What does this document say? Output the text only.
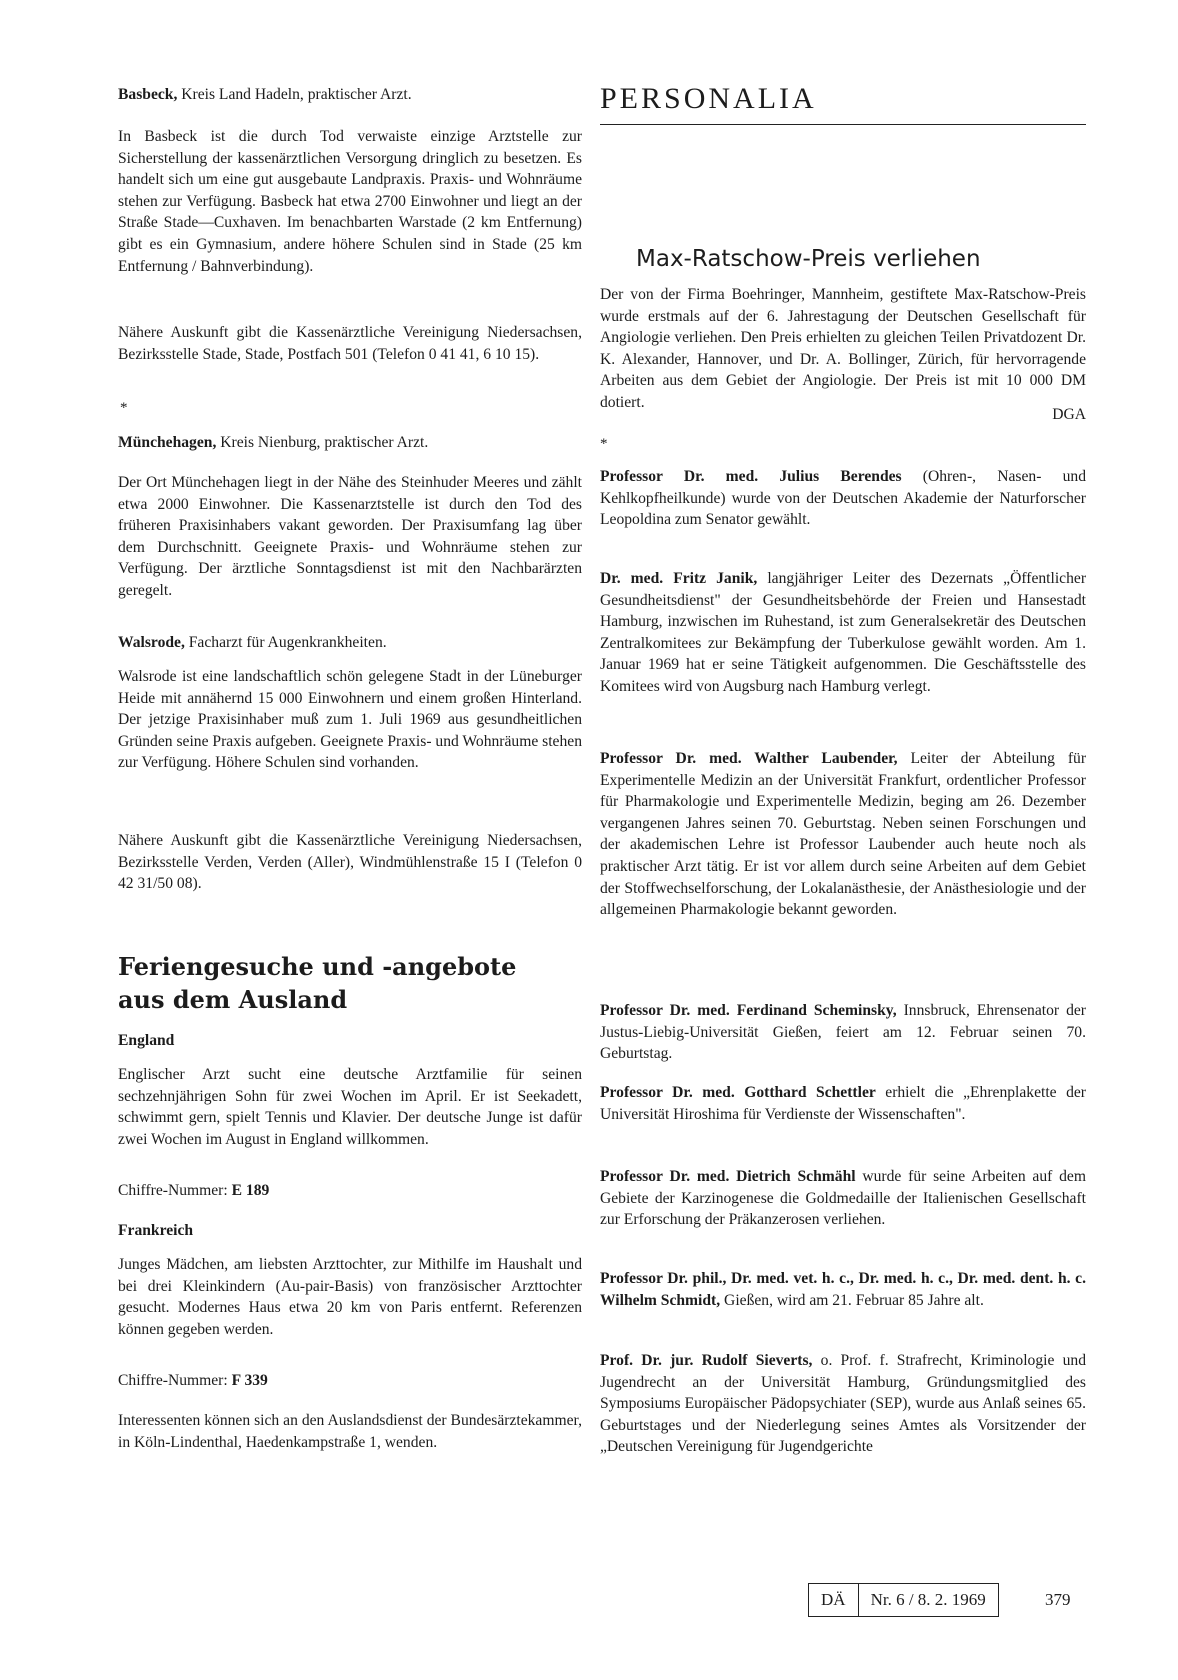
Basbeck, Kreis Land Hadeln, praktischer Arzt.

In Basbeck ist die durch Tod verwaiste einzige Arztstelle zur Sicherstellung der kassenärztlichen Versorgung dringlich zu besetzen. Es handelt sich um eine gut ausgebaute Landpraxis. Praxis- und Wohnräume stehen zur Verfügung. Basbeck hat etwa 2700 Einwohner und liegt an der Straße Stade—Cuxhaven. Im benachbarten Warstade (2 km Entfernung) gibt es ein Gymnasium, andere höhere Schulen sind in Stade (25 km Entfernung / Bahnverbindung).

Nähere Auskunft gibt die Kassenärztliche Vereinigung Niedersachsen, Bezirksstelle Stade, Stade, Postfach 501 (Telefon 0 41 41, 6 10 15).

*

Münchehagen, Kreis Nienburg, praktischer Arzt.

Der Ort Münchehagen liegt in der Nähe des Steinhuder Meeres und zählt etwa 2000 Einwohner. Die Kassenarztstelle ist durch den Tod des früheren Praxisinhabers vakant geworden. Der Praxisumfang lag über dem Durchschnitt. Geeignete Praxis- und Wohnräume stehen zur Verfügung. Der ärztliche Sonntagsdienst ist mit den Nachbarärzten geregelt.

Walsrode, Facharzt für Augenkrankheiten.

Walsrode ist eine landschaftlich schön gelegene Stadt in der Lüneburger Heide mit annähernd 15 000 Einwohnern und einem großen Hinterland. Der jetzige Praxisinhaber muß zum 1. Juli 1969 aus gesundheitlichen Gründen seine Praxis aufgeben. Geeignete Praxis- und Wohnräume stehen zur Verfügung. Höhere Schulen sind vorhanden.

Nähere Auskunft gibt die Kassenärztliche Vereinigung Niedersachsen, Bezirksstelle Verden, Verden (Aller), Windmühlenstraße 15 I (Telefon 0 42 31/50 08).

Feriengesuche und -angebote
aus dem Ausland

England

Englischer Arzt sucht eine deutsche Arztfamilie für seinen sechzehnjährigen Sohn für zwei Wochen im April. Er ist Seekadett, schwimmt gern, spielt Tennis und Klavier. Der deutsche Junge ist dafür zwei Wochen im August in England willkommen.

Chiffre-Nummer: E 189

Frankreich

Junges Mädchen, am liebsten Arzttochter, zur Mithilfe im Haushalt und bei drei Kleinkindern (Au-pair-Basis) von französischer Arzttochter gesucht. Modernes Haus etwa 20 km von Paris entfernt. Referenzen können gegeben werden.

Chiffre-Nummer: F 339

Interessenten können sich an den Auslandsdienst der Bundesärztekammer, in Köln-Lindenthal, Haedenkampstraße 1, wenden.

PERSONALIA
Max-Ratschow-Preis verliehen

Der von der Firma Boehringer, Mannheim, gestiftete Max-Ratschow-Preis wurde erstmals auf der 6. Jahrestagung der Deutschen Gesellschaft für Angiologie verliehen. Den Preis erhielten zu gleichen Teilen Privatdozent Dr. K. Alexander, Hannover, und Dr. A. Bollinger, Zürich, für hervorragende Arbeiten aus dem Gebiet der Angiologie. Der Preis ist mit 10 000 DM dotiert.

DGA

*

Professor Dr. med. Julius Berendes (Ohren-, Nasen- und Kehlkopfheilkunde) wurde von der Deutschen Akademie der Naturforscher Leopoldina zum Senator gewählt.

Dr. med. Fritz Janik, langjähriger Leiter des Dezernats „Öffentlicher Gesundheitsdienst" der Gesundheitsbehörde der Freien und Hansestadt Hamburg, inzwischen im Ruhestand, ist zum Generalsekretär des Deutschen Zentralkomitees zur Bekämpfung der Tuberkulose gewählt worden. Am 1. Januar 1969 hat er seine Tätigkeit aufgenommen. Die Geschäftsstelle des Komitees wird von Augsburg nach Hamburg verlegt.

Professor Dr. med. Walther Laubender, Leiter der Abteilung für Experimentelle Medizin an der Universität Frankfurt, ordentlicher Professor für Pharmakologie und Experimentelle Medizin, beging am 26. Dezember vergangenen Jahres seinen 70. Geburtstag. Neben seinen Forschungen und der akademischen Lehre ist Professor Laubender auch heute noch als praktischer Arzt tätig. Er ist vor allem durch seine Arbeiten auf dem Gebiet der Stoffwechselforschung, der Lokalanästhesie, der Anästhesiologie und der allgemeinen Pharmakologie bekannt geworden.

Professor Dr. med. Ferdinand Scheminsky, Innsbruck, Ehrensenator der Justus-Liebig-Universität Gießen, feiert am 12. Februar seinen 70. Geburtstag.

Professor Dr. med. Gotthard Schettler erhielt die „Ehrenplakette der Universität Hiroshima für Verdienste der Wissenschaften".

Professor Dr. med. Dietrich Schmähl wurde für seine Arbeiten auf dem Gebiete der Karzinogenese die Goldmedaille der Italienischen Gesellschaft zur Erforschung der Präkanzerosen verliehen.

Professor Dr. phil., Dr. med. vet. h. c., Dr. med. h. c., Dr. med. dent. h. c. Wilhelm Schmidt, Gießen, wird am 21. Februar 85 Jahre alt.

Prof. Dr. jur. Rudolf Sieverts, o. Prof. f. Strafrecht, Kriminologie und Jugendrecht an der Universität Hamburg, Gründungsmitglied des Symposiums Europäischer Pädopsychiater (SEP), wurde aus Anlaß seines 65. Geburtstages und der Niederlegung seines Amtes als Vorsitzender der „Deutschen Vereinigung für Jugendgerichte

DÄ	Nr. 6 / 8. 2. 1969	379
